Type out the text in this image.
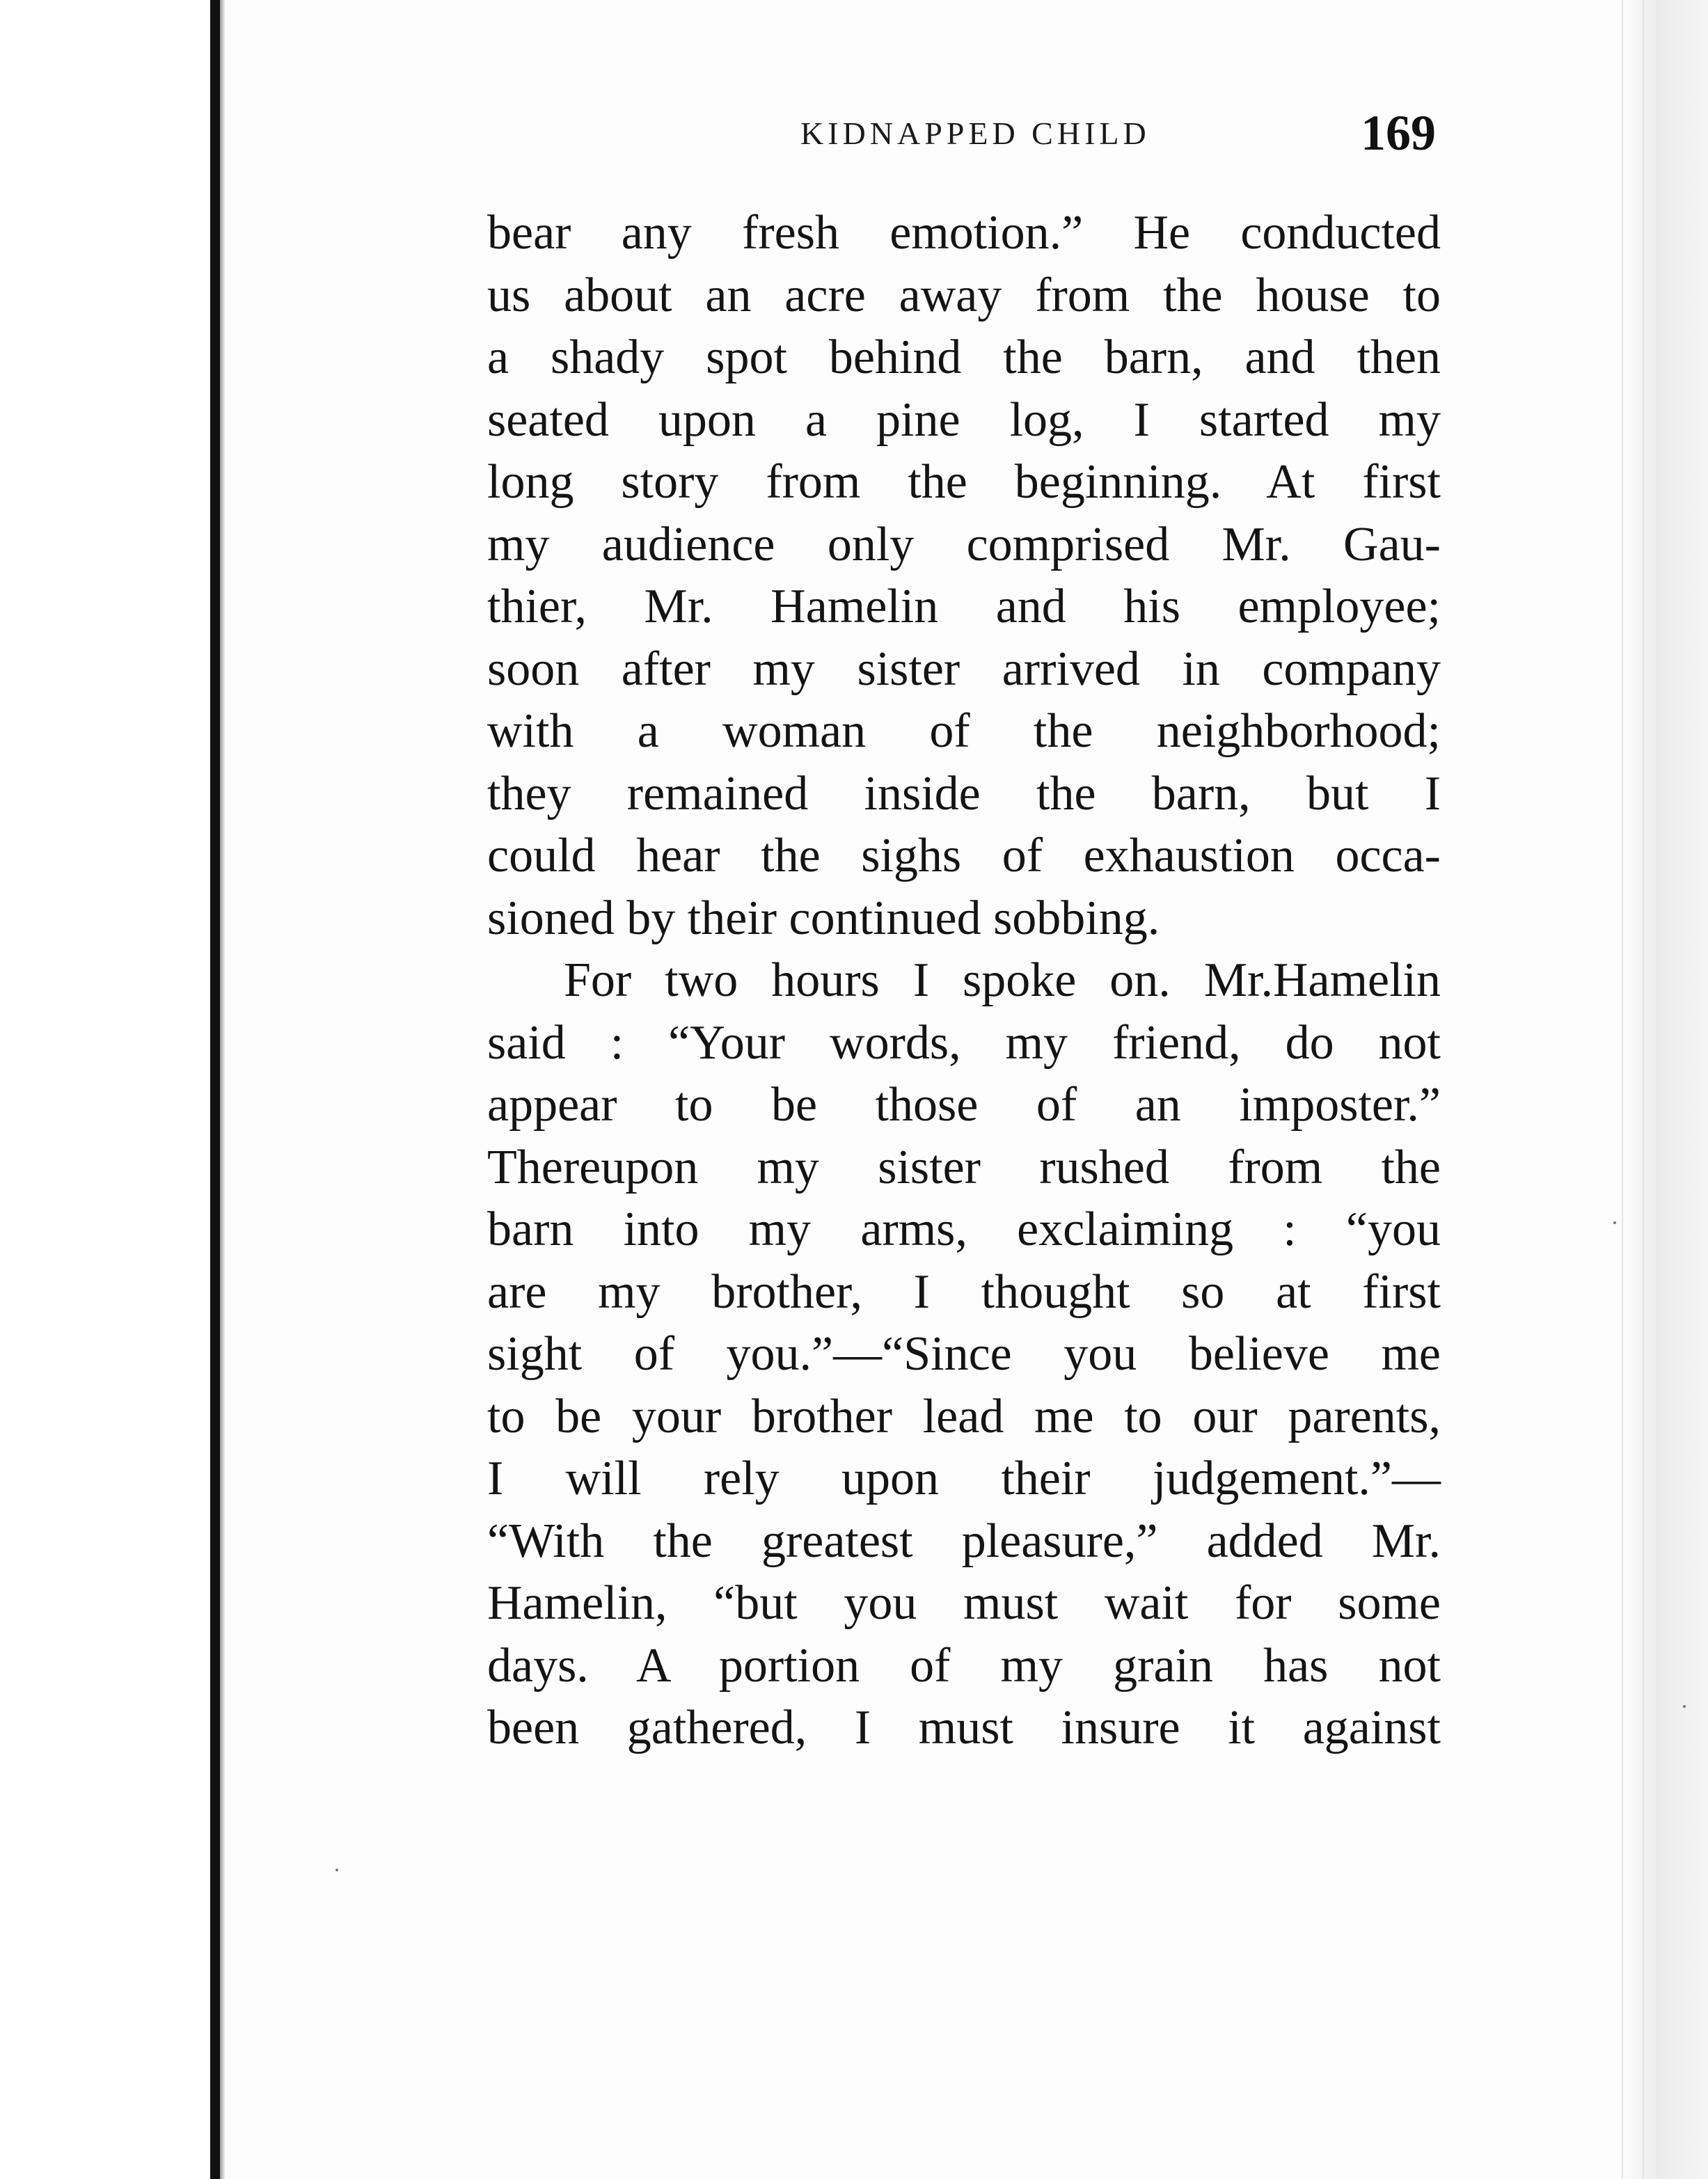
KIDNAPPED CHILD	169
bear any fresh emotion.” He conducted
us about an acre away from the house to
a shady spot behind the barn, and then
seated upon a pine log, I started my
long story from the beginning. At first
my audience only comprised Mr. Gau-
thier, Mr. Hamelin and his employee;
soon after my sister arrived in company
with a woman of the neighborhood;
they remained inside the barn, but I
could hear the sighs of exhaustion occa-
sioned by their continued sobbing.
For two hours I spoke on. Mr.Hamelin
said : “Your words, my friend, do not
appear to be those of an imposter.”
Thereupon my sister rushed from the
barn into my arms, exclaiming : “you
are my brother, I thought so at first
sight of you.”—“Since you believe me
to be your brother lead me to our parents,
I will rely upon their judgement.”—
“With the greatest pleasure,” added Mr.
Hamelin, “but you must wait for some
days. A portion of my grain has not
been gathered, I must insure it against
